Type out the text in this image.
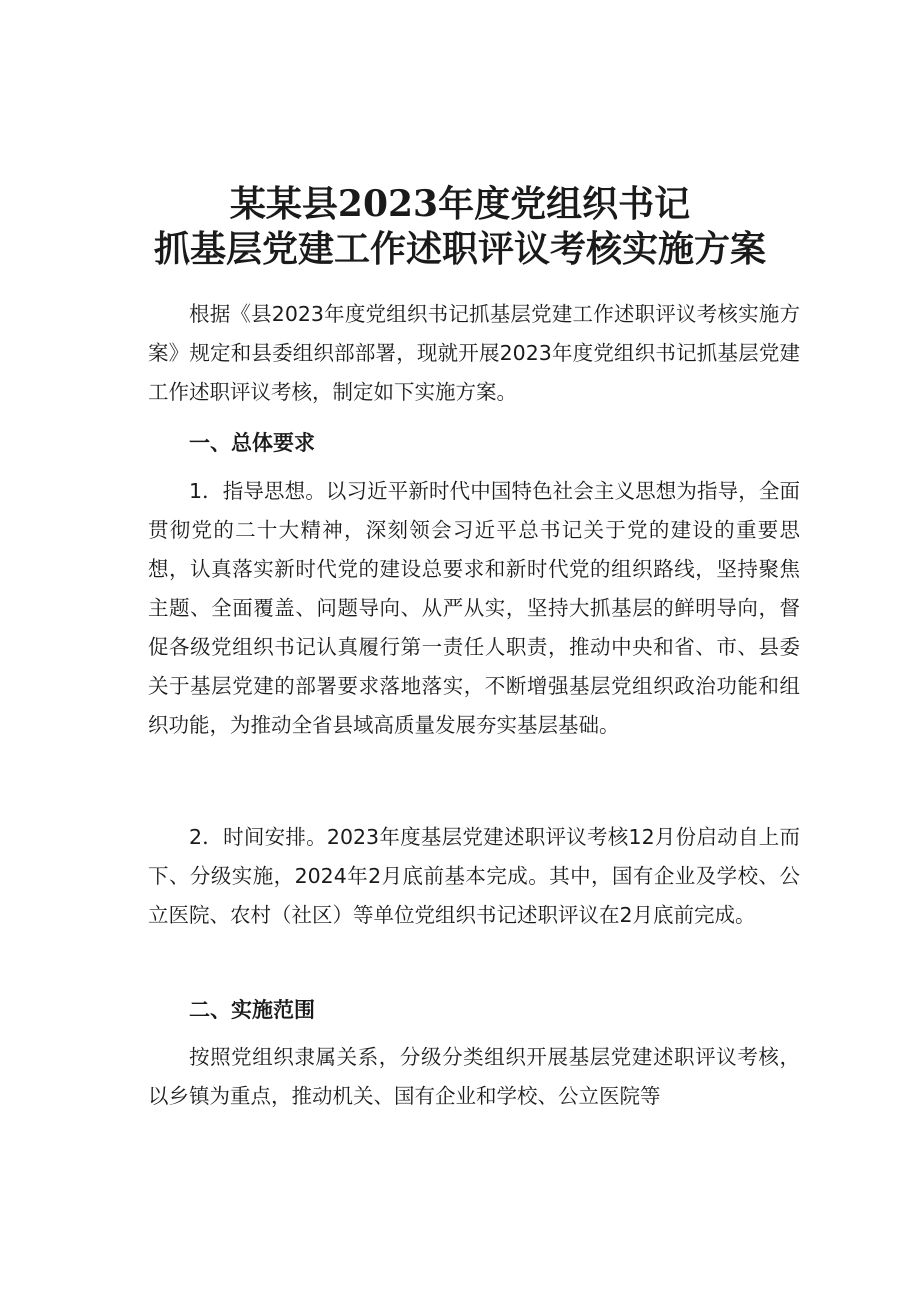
某某县2023年度党组织书记
抓基层党建工作述职评议考核实施方案

根据《县2023年度党组织书记抓基层党建工作述职评议考核实施方案》规定和县委组织部部署，现就开展2023年度党组织书记抓基层党建工作述职评议考核，制定如下实施方案。

一、总体要求

1．指导思想。以习近平新时代中国特色社会主义思想为指导，全面贯彻党的二十大精神，深刻领会习近平总书记关于党的建设的重要思想，认真落实新时代党的建设总要求和新时代党的组织路线，坚持聚焦主题、全面覆盖、问题导向、从严从实，坚持大抓基层的鲜明导向，督促各级党组织书记认真履行第一责任人职责，推动中央和省、市、县委关于基层党建的部署要求落地落实，不断增强基层党组织政治功能和组织功能，为推动全省县域高质量发展夯实基层基础。

2．时间安排。2023年度基层党建述职评议考核12月份启动自上而下、分级实施，2024年2月底前基本完成。其中，国有企业及学校、公立医院、农村（社区）等单位党组织书记述职评议在2月底前完成。

二、实施范围

按照党组织隶属关系，分级分类组织开展基层党建述职评议考核，以乡镇为重点，推动机关、国有企业和学校、公立医院等
